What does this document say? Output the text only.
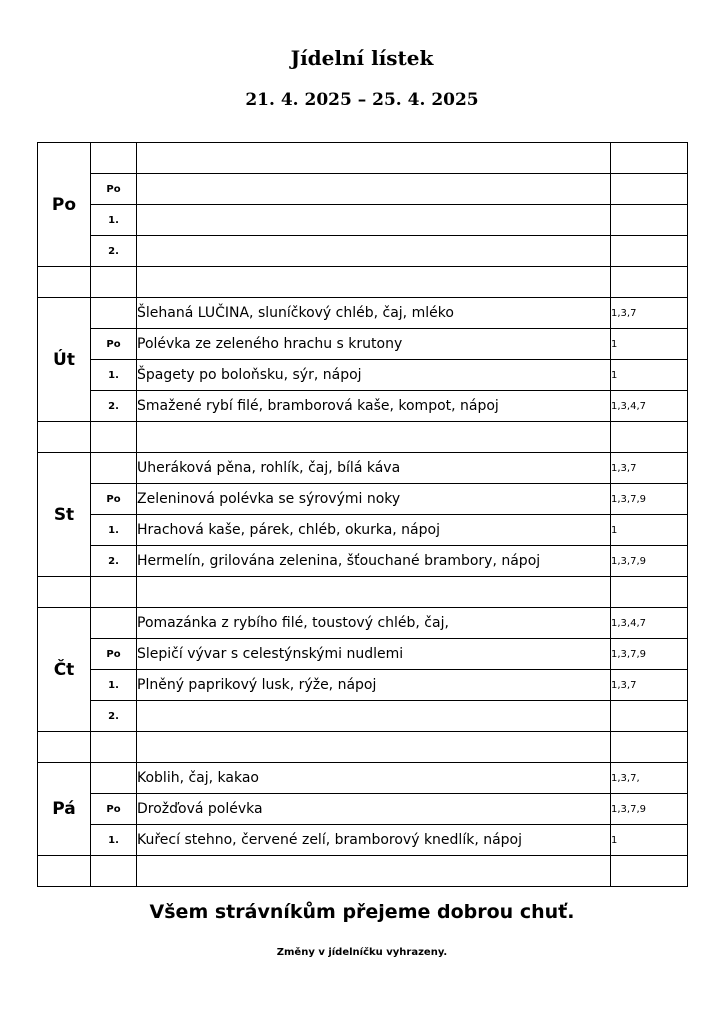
Jídelní lístek
21. 4. 2025 – 25. 4. 2025
Po			
	Po		
	1.		
	2.		

Út		Šlehaná LUČINA, sluníčkový chléb, čaj, mléko	1,3,7
	Po	Polévka ze zeleného hrachu s krutony	1
	1.	Špagety po boloňsku, sýr, nápoj	1
	2.	Smažené rybí filé, bramborová kaše, kompot, nápoj	1,3,4,7

St		Uheráková pěna, rohlík, čaj, bílá káva	1,3,7
	Po	Zeleninová polévka se sýrovými noky	1,3,7,9
	1.	Hrachová kaše, párek, chléb, okurka, nápoj	1
	2.	Hermelín, grilována zelenina, šťouchané brambory, nápoj	1,3,7,9

Čt		Pomazánka z rybího filé, toustový chléb, čaj,	1,3,4,7
	Po	Slepičí vývar s celestýnskými nudlemi	1,3,7,9
	1.	Plněný paprikový lusk, rýže, nápoj	1,3,7
	2.		

Pá		Koblih, čaj, kakao	1,3,7,
	Po	Drožďová polévka	1,3,7,9
	1.	Kuřecí stehno, červené zelí, bramborový knedlík, nápoj	1

Všem strávníkům přejeme dobrou chuť.
Změny v jídelníčku vyhrazeny.
